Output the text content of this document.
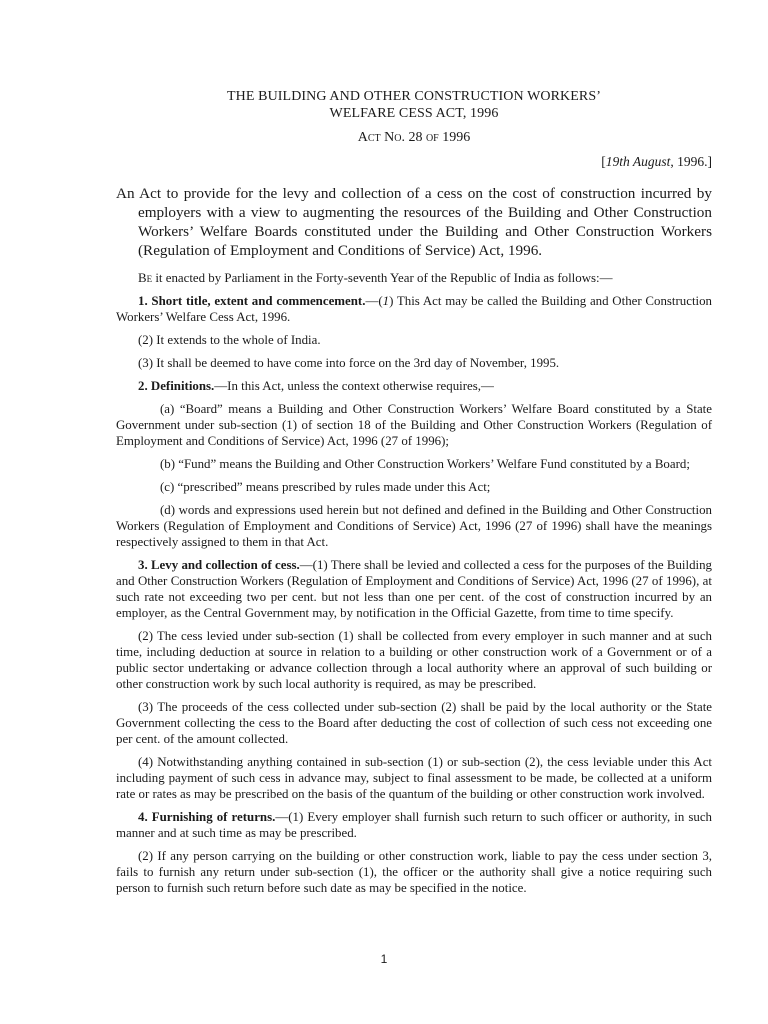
THE BUILDING AND OTHER CONSTRUCTION WORKERS’

WELFARE CESS ACT, 1996

Act No. 28 of 1996

[19th August, 1996.]

An Act to provide for the levy and collection of a cess on the cost of construction incurred by employers with a view to augmenting the resources of the Building and Other Construction Workers’ Welfare Boards constituted under the Building and Other Construction Workers (Regulation of Employment and Conditions of Service) Act, 1996.

Be it enacted by Parliament in the Forty-seventh Year of the Republic of India as follows:—

1. Short title, extent and commencement.—(1) This Act may be called the Building and Other Construction Workers’ Welfare Cess Act, 1996.

(2) It extends to the whole of India.

(3) It shall be deemed to have come into force on the 3rd day of November, 1995.

2. Definitions.—In this Act, unless the context otherwise requires,—

(a) “Board” means a Building and Other Construction Workers’ Welfare Board constituted by a State Government under sub-section (1) of section 18 of the Building and Other Construction Workers (Regulation of Employment and Conditions of Service) Act, 1996 (27 of 1996);

(b) “Fund” means the Building and Other Construction Workers’ Welfare Fund constituted by a Board;

(c) “prescribed” means prescribed by rules made under this Act;

(d) words and expressions used herein but not defined and defined in the Building and Other Construction Workers (Regulation of Employment and Conditions of Service) Act, 1996 (27 of 1996) shall have the meanings respectively assigned to them in that Act.

3. Levy and collection of cess.—(1) There shall be levied and collected a cess for the purposes of the Building and Other Construction Workers (Regulation of Employment and Conditions of Service) Act, 1996 (27 of 1996), at such rate not exceeding two per cent. but not less than one per cent. of the cost of construction incurred by an employer, as the Central Government may, by notification in the Official Gazette, from time to time specify.

(2) The cess levied under sub-section (1) shall be collected from every employer in such manner and at such time, including deduction at source in relation to a building or other construction work of a Government or of a public sector undertaking or advance collection through a local authority where an approval of such building or other construction work by such local authority is required, as may be prescribed.

(3) The proceeds of the cess collected under sub-section (2) shall be paid by the local authority or the State Government collecting the cess to the Board after deducting the cost of collection of such cess not exceeding one per cent. of the amount collected.

(4) Notwithstanding anything contained in sub-section (1) or sub-section (2), the cess leviable under this Act including payment of such cess in advance may, subject to final assessment to be made, be collected at a uniform rate or rates as may be prescribed on the basis of the quantum of the building or other construction work involved.

4. Furnishing of returns.—(1) Every employer shall furnish such return to such officer or authority, in such manner and at such time as may be prescribed.

(2) If any person carrying on the building or other construction work, liable to pay the cess under section 3, fails to furnish any return under sub-section (1), the officer or the authority shall give a notice requiring such person to furnish such return before such date as may be specified in the notice.

1
